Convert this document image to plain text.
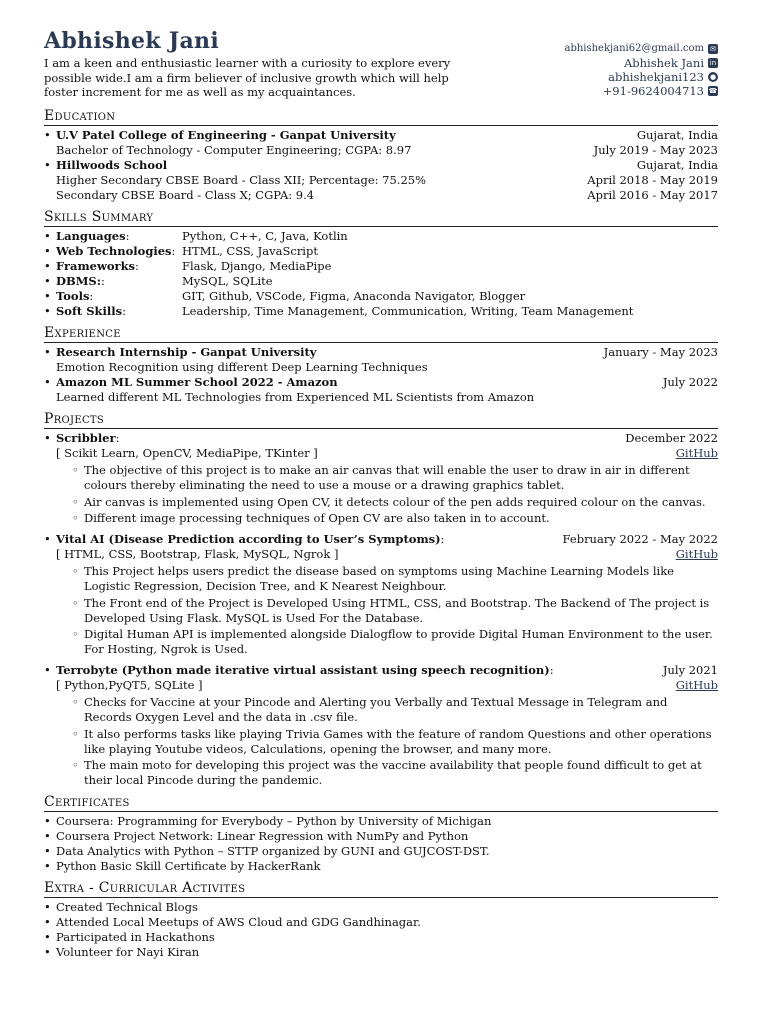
Abhishek Jani
I am a keen and enthusiastic learner with a curiosity to explore every possible wide.I am a firm believer of inclusive growth which will help foster increment for me as well as my acquaintances.
abhishekjani62@gmail.com ✉
Abhishek Jani in
abhishekjani123 ●
+91-9624004713 ☎
Education
• U.V Patel College of Engineering - Ganpat University	Gujarat, India
Bachelor of Technology - Computer Engineering; CGPA: 8.97	July 2019 - May 2023
• Hillwoods School	Gujarat, India
Higher Secondary CBSE Board - Class XII; Percentage: 75.25%	April 2018 - May 2019
Secondary CBSE Board - Class X; CGPA: 9.4	April 2016 - May 2017
Skills Summary
• Languages:	Python, C++, C, Java, Kotlin
• Web Technologies: HTML, CSS, JavaScript
• Frameworks:	Flask, Django, MediaPipe
• DBMS::	MySQL, SQLite
• Tools:	GIT, Github, VSCode, Figma, Anaconda Navigator, Blogger
• Soft Skills:	Leadership, Time Management, Communication, Writing, Team Management
Experience
• Research Internship - Ganpat University	January - May 2023
Emotion Recognition using different Deep Learning Techniques
• Amazon ML Summer School 2022 - Amazon	July 2022
Learned different ML Technologies from Experienced ML Scientists from Amazon
Projects
• Scribbler:	December 2022
[ Scikit Learn, OpenCV, MediaPipe, TKinter ]	GitHub
◦ The objective of this project is to make an air canvas that will enable the user to draw in air in different colours thereby eliminating the need to use a mouse or a drawing graphics tablet.
◦ Air canvas is implemented using Open CV, it detects colour of the pen adds required colour on the canvas.
◦ Different image processing techniques of Open CV are also taken in to account.
• Vital AI (Disease Prediction according to User’s Symptoms):	February 2022 - May 2022
[ HTML, CSS, Bootstrap, Flask, MySQL, Ngrok ]	GitHub
◦ This Project helps users predict the disease based on symptoms using Machine Learning Models like Logistic Regression, Decision Tree, and K Nearest Neighbour.
◦ The Front end of the Project is Developed Using HTML, CSS, and Bootstrap. The Backend of The project is Developed Using Flask. MySQL is Used For the Database.
◦ Digital Human API is implemented alongside Dialogflow to provide Digital Human Environment to the user. For Hosting, Ngrok is Used.
• Terrobyte (Python made iterative virtual assistant using speech recognition):	July 2021
[ Python,PyQT5, SQLite ]	GitHub
◦ Checks for Vaccine at your Pincode and Alerting you Verbally and Textual Message in Telegram and Records Oxygen Level and the data in .csv file.
◦ It also performs tasks like playing Trivia Games with the feature of random Questions and other operations like playing Youtube videos, Calculations, opening the browser, and many more.
◦ The main moto for developing this project was the vaccine availability that people found difficult to get at their local Pincode during the pandemic.
Certificates
• Coursera: Programming for Everybody – Python by University of Michigan
• Coursera Project Network: Linear Regression with NumPy and Python
• Data Analytics with Python – STTP organized by GUNI and GUJCOST-DST.
• Python Basic Skill Certificate by HackerRank
Extra - Curricular Activites
• Created Technical Blogs
• Attended Local Meetups of AWS Cloud and GDG Gandhinagar.
• Participated in Hackathons
• Volunteer for Nayi Kiran
